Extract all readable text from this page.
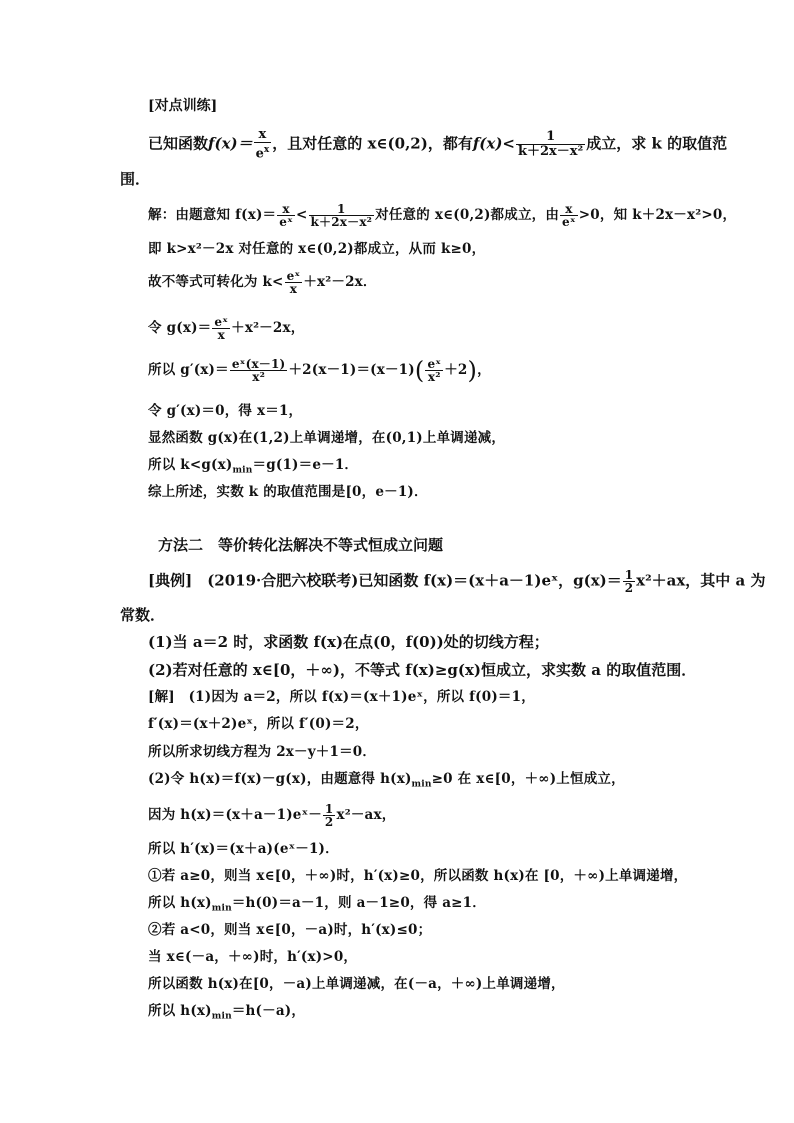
[对点训练]
已知函数$f(x)= \frac{x}{e^x}$ ，且对任意的 x∈(0,2)，都有$f(x)< \frac{1}{\text{k＋2x－x²}}$ 成立，求 k 的取值范
围．
解：由题意知 $f(x)= \frac{x}{\text{eˣ}} < \frac{1}{\text{k＋2x－x²}}$ 对任意的 x∈(0,2)都成立，由 $\frac{x}{\text{eˣ}} >0$，知 k＋2x－x²>0，
即 k>x²－2x 对任意的 x∈(0,2)都成立，从而 k≥0，
故不等式可转化为 $k< \frac{\text{eˣ}}{x} +x^2-2x$．
令 $g(x)= \frac{\text{eˣ}}{x} +x^2-2x$，
所以 $g'(x)= \frac{\text{eˣ(x－1)}}{\text{x²}} +2(x-1)=(x-1)( \frac{\text{eˣ}}{\text{x²}} +2)$，
令 g′(x)＝0，得 x＝1，
显然函数 g(x)在(1,2)上单调递增，在(0,1)上单调递减，
所以 $k<g(x)_{min}=g(1)=e-1$．
综上所述，实数 k 的取值范围是[0，e－1)．
方法二　等价转化法解决不等式恒成立问题
[典例]　(2019·合肥六校联考)已知函数 f(x)＝(x＋a－1)eˣ，$g(x)= \frac{1}{2} x^2+ax$，其中 a 为
常数．
(1)当 a＝2 时，求函数 f(x)在点(0，f(0))处的切线方程；
(2)若对任意的 x∈[0，＋∞)，不等式 f(x)≥g(x)恒成立，求实数 a 的取值范围．
[解]　(1)因为 a＝2，所以 f(x)＝(x＋1)eˣ，所以 f(0)＝1，
f′(x)＝(x＋2)eˣ，所以 f′(0)＝2，
所以所求切线方程为 2x－y＋1＝0．
(2)令 h(x)＝f(x)－g(x)，由题意得 $h(x)_{min}\ge 0$ 在 x∈[0，＋∞)上恒成立，
因为 h(x)＝(x＋a－1)eˣ－ $\frac{1}{2} x^2-ax$，
所以 h′(x)＝(x＋a)(eˣ－1)．
①若 a≥0，则当 x∈[0，＋∞)时，h′(x)≥0，所以函数 h(x)在 [0，＋∞)上单调递增，
所以 $h(x)_{min}=h(0)=a-1$，则 a－1≥0，得 a≥1．
②若 a<0，则当 x∈[0，－a)时，h′(x)≤0；
当 x∈(－a，＋∞)时，h′(x)>0，
所以函数 h(x)在[0，－a)上单调递减，在(－a，＋∞)上单调递增，
所以 $h(x)_{min}=h(-a)$，
